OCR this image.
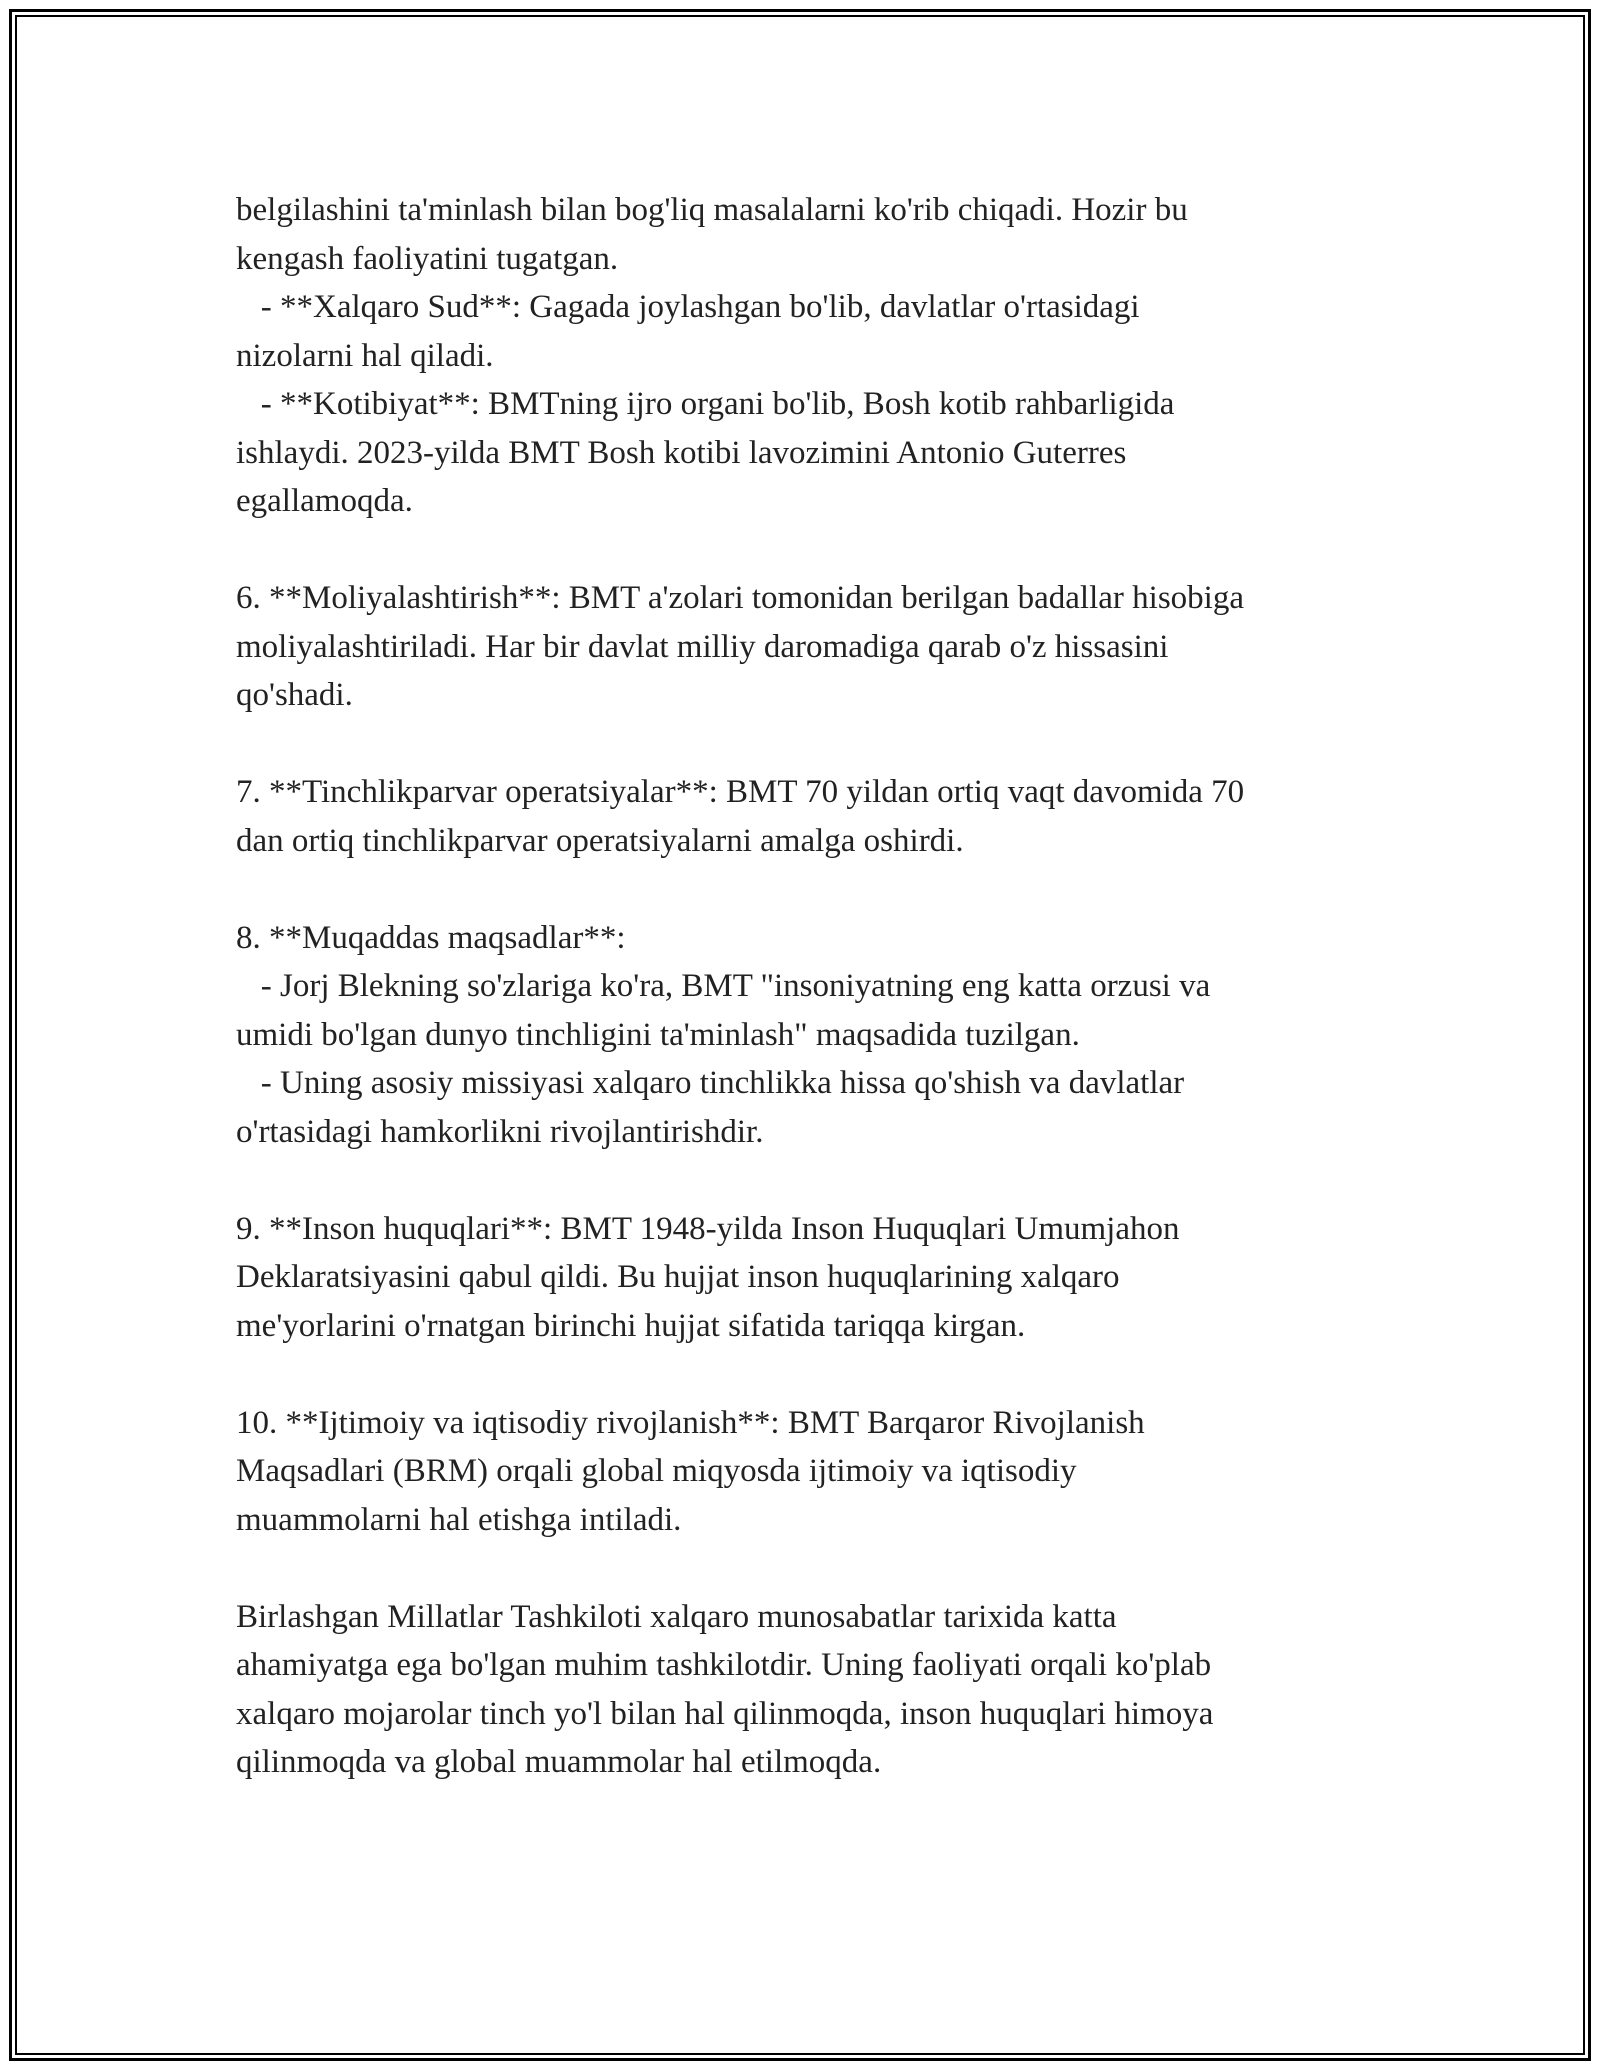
belgilashini ta'minlash bilan bog'liq masalalarni ko'rib chiqadi. Hozir bu
kengash faoliyatini tugatgan.
- **Xalqaro Sud**: Gagada joylashgan bo'lib, davlatlar o'rtasidagi
nizolarni hal qiladi.
- **Kotibiyat**: BMTning ijro organi bo'lib, Bosh kotib rahbarligida
ishlaydi. 2023-yilda BMT Bosh kotibi lavozimini Antonio Guterres
egallamoqda.
6. **Moliyalashtirish**: BMT a'zolari tomonidan berilgan badallar hisobiga
moliyalashtiriladi. Har bir davlat milliy daromadiga qarab o'z hissasini
qo'shadi.
7. **Tinchlikparvar operatsiyalar**: BMT 70 yildan ortiq vaqt davomida 70
dan ortiq tinchlikparvar operatsiyalarni amalga oshirdi.
8. **Muqaddas maqsadlar**:
- Jorj Blekning so'zlariga ko'ra, BMT "insoniyatning eng katta orzusi va
umidi bo'lgan dunyo tinchligini ta'minlash" maqsadida tuzilgan.
- Uning asosiy missiyasi xalqaro tinchlikka hissa qo'shish va davlatlar
o'rtasidagi hamkorlikni rivojlantirishdir.
9. **Inson huquqlari**: BMT 1948-yilda Inson Huquqlari Umumjahon
Deklaratsiyasini qabul qildi. Bu hujjat inson huquqlarining xalqaro
me'yorlarini o'rnatgan birinchi hujjat sifatida tariqqa kirgan.
10. **Ijtimoiy va iqtisodiy rivojlanish**: BMT Barqaror Rivojlanish
Maqsadlari (BRM) orqali global miqyosda ijtimoiy va iqtisodiy
muammolarni hal etishga intiladi.
Birlashgan Millatlar Tashkiloti xalqaro munosabatlar tarixida katta
ahamiyatga ega bo'lgan muhim tashkilotdir. Uning faoliyati orqali ko'plab
xalqaro mojarolar tinch yo'l bilan hal qilinmoqda, inson huquqlari himoya
qilinmoqda va global muammolar hal etilmoqda.
